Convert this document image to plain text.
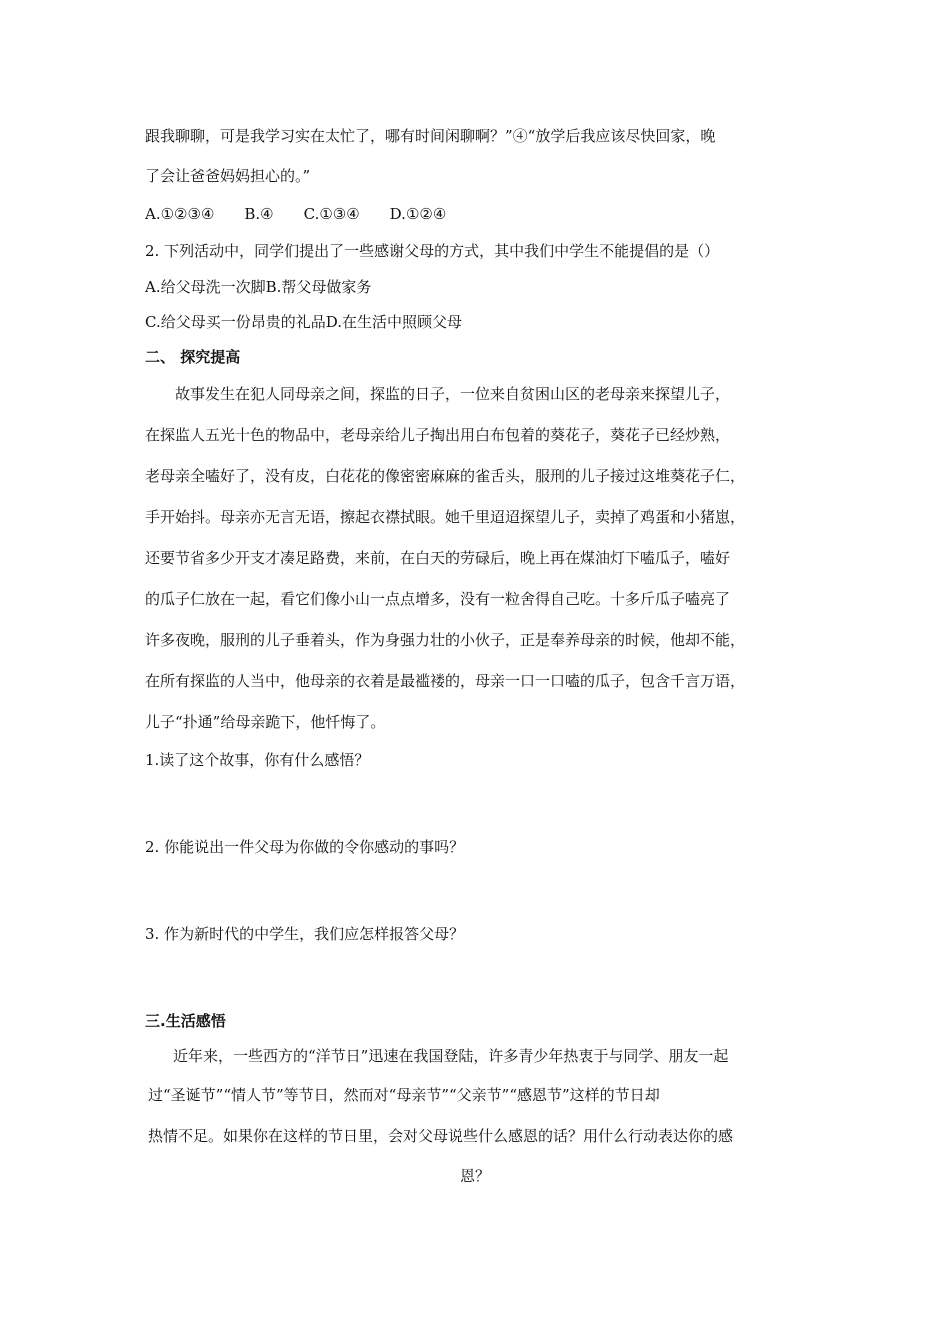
跟我聊聊，可是我学习实在太忙了，哪有时间闲聊啊？”④“放学后我应该尽快回家，晚
了会让爸爸妈妈担心的。”
A.①②③④　　B.④　　C.①③④　　D.①②④
2. 下列活动中，同学们提出了一些感谢父母的方式，其中我们中学生不能提倡的是（）
A.给父母洗一次脚B.帮父母做家务
C.给父母买一份昂贵的礼品D.在生活中照顾父母
二、 探究提高
故事发生在犯人同母亲之间，探监的日子，一位来自贫困山区的老母亲来探望儿子，
在探监人五光十色的物品中，老母亲给儿子掏出用白布包着的葵花子，葵花子已经炒熟，
老母亲全嗑好了，没有皮，白花花的像密密麻麻的雀舌头，服刑的儿子接过这堆葵花子仁，
手开始抖。母亲亦无言无语，擦起衣襟拭眼。她千里迢迢探望儿子，卖掉了鸡蛋和小猪崽，
还要节省多少开支才凑足路费，来前，在白天的劳碌后，晚上再在煤油灯下嗑瓜子，嗑好
的瓜子仁放在一起，看它们像小山一点点增多，没有一粒舍得自己吃。十多斤瓜子嗑亮了
许多夜晚，服刑的儿子垂着头，作为身强力壮的小伙子，正是奉养母亲的时候，他却不能，
在所有探监的人当中，他母亲的衣着是最褴褛的，母亲一口一口嗑的瓜子，包含千言万语，
儿子“扑通”给母亲跪下，他忏悔了。
1.读了这个故事，你有什么感悟？
2. 你能说出一件父母为你做的令你感动的事吗？
3. 作为新时代的中学生，我们应怎样报答父母？
三.生活感悟
近年来，一些西方的“洋节日”迅速在我国登陆，许多青少年热衷于与同学、朋友一起
过“圣诞节”“情人节”等节日，然而对“母亲节”“父亲节”“感恩节”这样的节日却
热情不足。如果你在这样的节日里，会对父母说些什么感恩的话？用什么行动表达你的感
恩？
